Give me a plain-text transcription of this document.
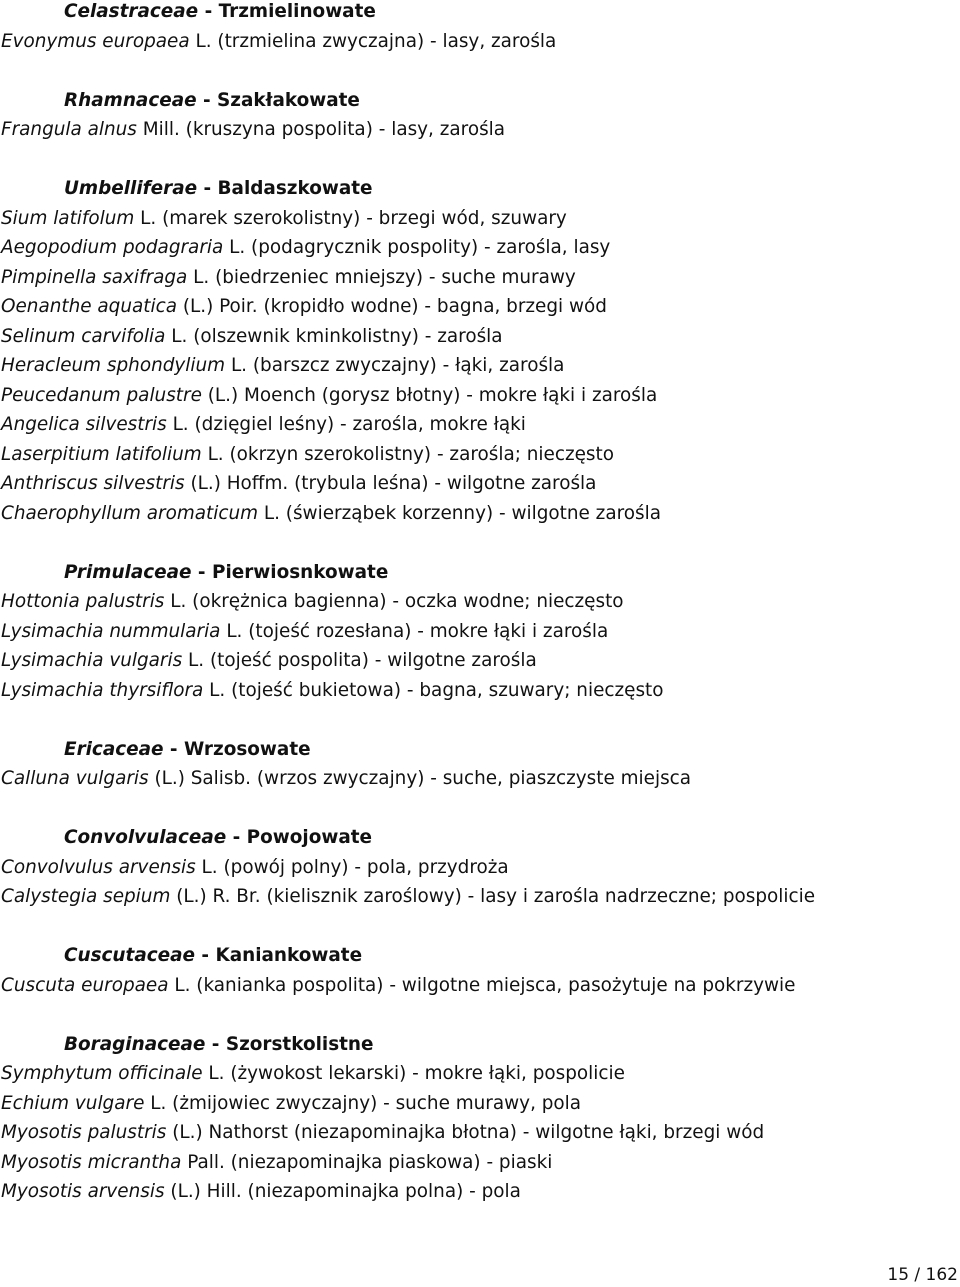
Celastraceae - Trzmielinowate
Evonymus europaea L. (trzmielina zwyczajna) - lasy, zarośla
Rhamnaceae - Szakłakowate
Frangula alnus Mill. (kruszyna pospolita) - lasy, zarośla
Umbelliferae - Baldaszkowate
Sium latifolum L. (marek szerokolistny) - brzegi wód, szuwary
Aegopodium podagraria L. (podagrycznik pospolity) - zarośla, lasy
Pimpinella saxifraga L. (biedrzeniec mniejszy) - suche murawy
Oenanthe aquatica (L.) Poir. (kropidło wodne) - bagna, brzegi wód
Selinum carvifolia L. (olszewnik kminkolistny) - zarośla
Heracleum sphondylium L. (barszcz zwyczajny) - łąki, zarośla
Peucedanum palustre (L.) Moench (gorysz błotny) - mokre łąki i zarośla
Angelica silvestris L. (dzięgiel leśny) - zarośla, mokre łąki
Laserpitium latifolium L. (okrzyn szerokolistny) - zarośla; nieczęsto
Anthriscus silvestris (L.) Hoffm. (trybula leśna) - wilgotne zarośla
Chaerophyllum aromaticum L. (świerząbek korzenny) - wilgotne zarośla
Primulaceae - Pierwiosnkowate
Hottonia palustris L. (okrężnica bagienna) - oczka wodne; nieczęsto
Lysimachia nummularia L. (tojeść rozesłana) - mokre łąki i zarośla
Lysimachia vulgaris L. (tojeść pospolita) - wilgotne zarośla
Lysimachia thyrsiflora L. (tojeść bukietowa) - bagna, szuwary; nieczęsto
Ericaceae - Wrzosowate
Calluna vulgaris (L.) Salisb. (wrzos zwyczajny) - suche, piaszczyste miejsca
Convolvulaceae - Powojowate
Convolvulus arvensis L. (powój polny) - pola, przydroża
Calystegia sepium (L.) R. Br. (kielisznik zaroślowy) - lasy i zarośla nadrzeczne; pospolicie
Cuscutaceae - Kaniankowate
Cuscuta europaea L. (kanianka pospolita) - wilgotne miejsca, pasożytuje na pokrzywie
Boraginaceae - Szorstkolistne
Symphytum officinale L. (żywokost lekarski) - mokre łąki, pospolicie
Echium vulgare L. (żmijowiec zwyczajny) - suche murawy, pola
Myosotis palustris (L.) Nathorst (niezapominajka błotna) - wilgotne łąki, brzegi wód
Myosotis micrantha Pall. (niezapominajka piaskowa) - piaski
Myosotis arvensis (L.) Hill. (niezapominajka polna) - pola
15 / 162
